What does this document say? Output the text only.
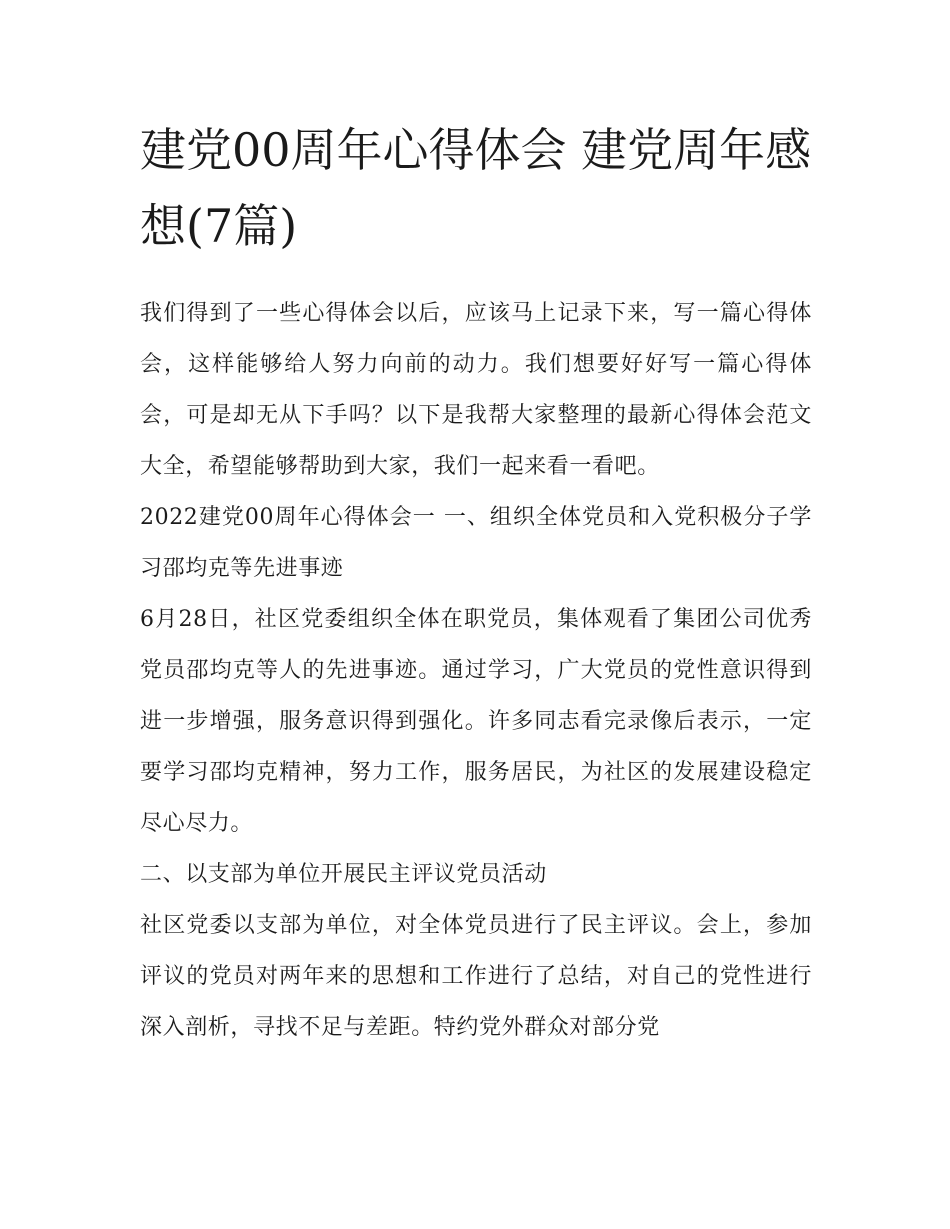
建党00周年心得体会 建党周年感想(7篇)

我们得到了一些心得体会以后，应该马上记录下来，写一篇心得体会，这样能够给人努力向前的动力。我们想要好好写一篇心得体会，可是却无从下手吗？以下是我帮大家整理的最新心得体会范文大全，希望能够帮助到大家，我们一起来看一看吧。

2022建党00周年心得体会一 一、组织全体党员和入党积极分子学习邵均克等先进事迹

6月28日，社区党委组织全体在职党员，集体观看了集团公司优秀党员邵均克等人的先进事迹。通过学习，广大党员的党性意识得到进一步增强，服务意识得到强化。许多同志看完录像后表示，一定要学习邵均克精神，努力工作，服务居民，为社区的发展建设稳定尽心尽力。

二、以支部为单位开展民主评议党员活动

社区党委以支部为单位，对全体党员进行了民主评议。会上，参加评议的党员对两年来的思想和工作进行了总结，对自己的党性进行深入剖析，寻找不足与差距。特约党外群众对部分党
